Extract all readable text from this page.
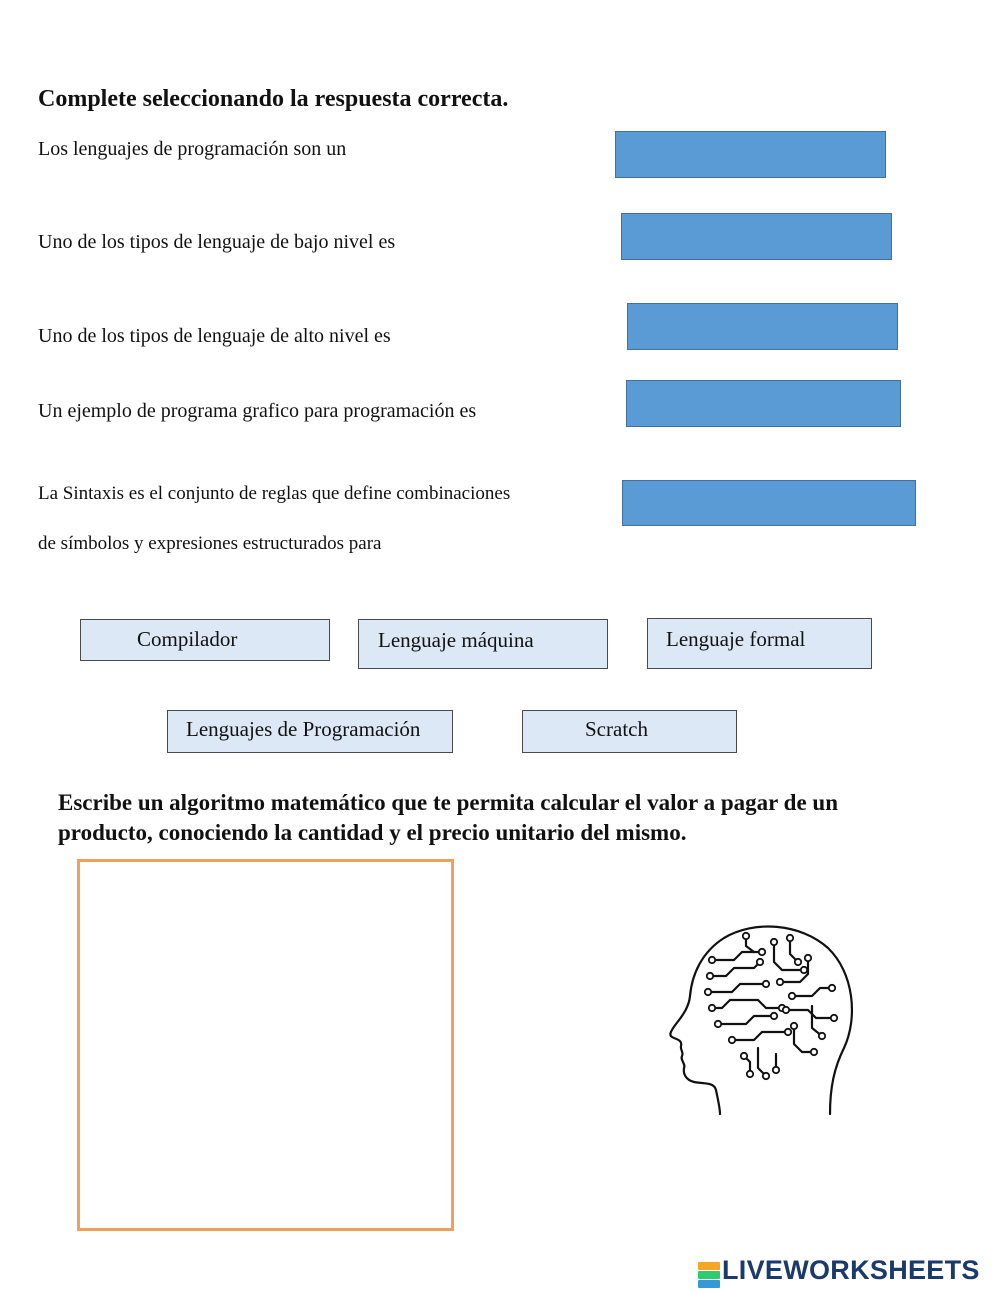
Complete seleccionando la respuesta correcta.
Los lenguajes de programación son un
Uno de los tipos de lenguaje de bajo nivel es
Uno de los tipos de lenguaje de alto nivel es
Un ejemplo de programa grafico para programación es
La Sintaxis es el conjunto de reglas que define combinaciones
de símbolos y expresiones estructurados para
Compilador	Lenguaje máquina	Lenguaje formal
Lenguajes de Programación	Scratch
Escribe un algoritmo matemático que te permita calcular el valor a pagar de un
producto, conociendo la cantidad y el precio unitario del mismo.
LIVEWORKSHEETS
